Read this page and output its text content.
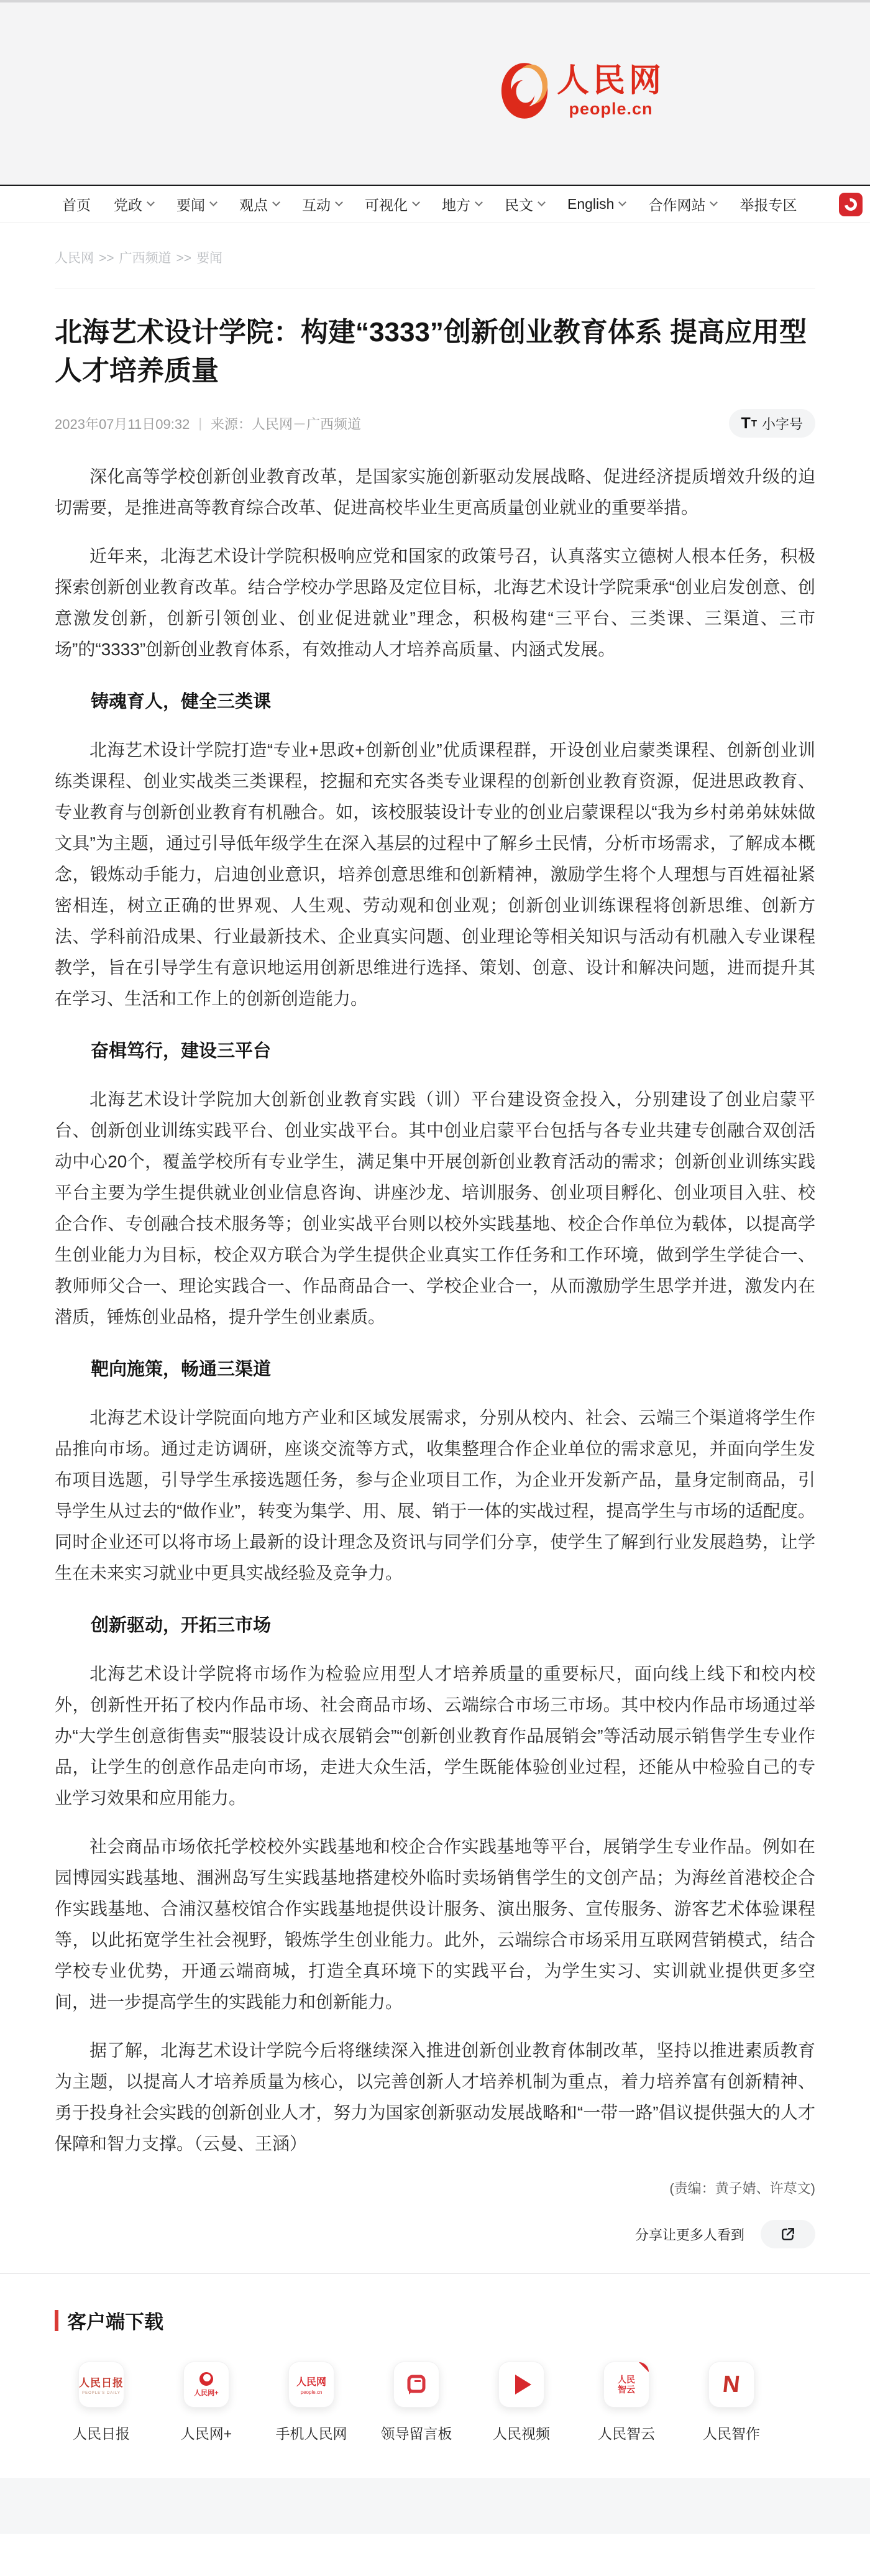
人民网
people.cn
首页 党政 要闻 观点 互动 可视化 地方 民文 English 合作网站 举报专区
人民网 >> 广西频道 >> 要闻
北海艺术设计学院：构建“3333”创新创业教育体系 提高应用型人才培养质量
2023年07月11日09:32 | 来源：人民网－广西频道	T T 小字号

深化高等学校创新创业教育改革，是国家实施创新驱动发展战略、促进经济提质增效升级的迫切需要，是推进高等教育综合改革、促进高校毕业生更高质量创业就业的重要举措。

近年来，北海艺术设计学院积极响应党和国家的政策号召，认真落实立德树人根本任务，积极探索创新创业教育改革。结合学校办学思路及定位目标，北海艺术设计学院秉承“创业启发创意、创意激发创新，创新引领创业、创业促进就业”理念，积极构建“三平台、三类课、三渠道、三市场”的“3333”创新创业教育体系，有效推动人才培养高质量、内涵式发展。

铸魂育人，健全三类课

北海艺术设计学院打造“专业+思政+创新创业”优质课程群，开设创业启蒙类课程、创新创业训练类课程、创业实战类三类课程，挖掘和充实各类专业课程的创新创业教育资源，促进思政教育、专业教育与创新创业教育有机融合。如，该校服装设计专业的创业启蒙课程以“我为乡村弟弟妹妹做文具”为主题，通过引导低年级学生在深入基层的过程中了解乡土民情，分析市场需求，了解成本概念，锻炼动手能力，启迪创业意识，培养创意思维和创新精神，激励学生将个人理想与百姓福祉紧密相连，树立正确的世界观、人生观、劳动观和创业观；创新创业训练课程将创新思维、创新方法、学科前沿成果、行业最新技术、企业真实问题、创业理论等相关知识与活动有机融入专业课程教学，旨在引导学生有意识地运用创新思维进行选择、策划、创意、设计和解决问题，进而提升其在学习、生活和工作上的创新创造能力。

奋楫笃行，建设三平台

北海艺术设计学院加大创新创业教育实践（训）平台建设资金投入，分别建设了创业启蒙平台、创新创业训练实践平台、创业实战平台。其中创业启蒙平台包括与各专业共建专创融合双创活动中心20个，覆盖学校所有专业学生，满足集中开展创新创业教育活动的需求；创新创业训练实践平台主要为学生提供就业创业信息咨询、讲座沙龙、培训服务、创业项目孵化、创业项目入驻、校企合作、专创融合技术服务等；创业实战平台则以校外实践基地、校企合作单位为载体，以提高学生创业能力为目标，校企双方联合为学生提供企业真实工作任务和工作环境，做到学生学徒合一、教师师父合一、理论实践合一、作品商品合一、学校企业合一，从而激励学生思学并进，激发内在潜质，锤炼创业品格，提升学生创业素质。

靶向施策，畅通三渠道

北海艺术设计学院面向地方产业和区域发展需求，分别从校内、社会、云端三个渠道将学生作品推向市场。通过走访调研，座谈交流等方式，收集整理合作企业单位的需求意见，并面向学生发布项目选题，引导学生承接选题任务，参与企业项目工作，为企业开发新产品，量身定制商品，引导学生从过去的“做作业”，转变为集学、用、展、销于一体的实战过程，提高学生与市场的适配度。同时企业还可以将市场上最新的设计理念及资讯与同学们分享，使学生了解到行业发展趋势，让学生在未来实习就业中更具实战经验及竞争力。

创新驱动，开拓三市场

北海艺术设计学院将市场作为检验应用型人才培养质量的重要标尺，面向线上线下和校内校外，创新性开拓了校内作品市场、社会商品市场、云端综合市场三市场。其中校内作品市场通过举办“大学生创意街售卖”“服装设计成衣展销会”“创新创业教育作品展销会”等活动展示销售学生专业作品，让学生的创意作品走向市场，走进大众生活，学生既能体验创业过程，还能从中检验自己的专业学习效果和应用能力。

社会商品市场依托学校校外实践基地和校企合作实践基地等平台，展销学生专业作品。例如在园博园实践基地、涠洲岛写生实践基地搭建校外临时卖场销售学生的文创产品；为海丝首港校企合作实践基地、合浦汉墓校馆合作实践基地提供设计服务、演出服务、宣传服务、游客艺术体验课程等，以此拓宽学生社会视野，锻炼学生创业能力。此外，云端综合市场采用互联网营销模式，结合学校专业优势，开通云端商城，打造全真环境下的实践平台，为学生实习、实训就业提供更多空间，进一步提高学生的实践能力和创新能力。

据了解，北海艺术设计学院今后将继续深入推进创新创业教育体制改革，坚持以推进素质教育为主题，以提高人才培养质量为核心，以完善创新人才培养机制为重点，着力培养富有创新精神、勇于投身社会实践的创新创业人才，努力为国家创新驱动发展战略和“一带一路”倡议提供强大的人才保障和智力支撑。（云曼、王涵）

(责编：黄子婧、许荩文)
分享让更多人看到
客户端下载
人民日报
PEOPLE'S DAILY
人民日报
人民网+
人民网+
人民网
people.cn
手机人民网	领导留言板	人民视频
人民智云
人民智云
N
人民智作
